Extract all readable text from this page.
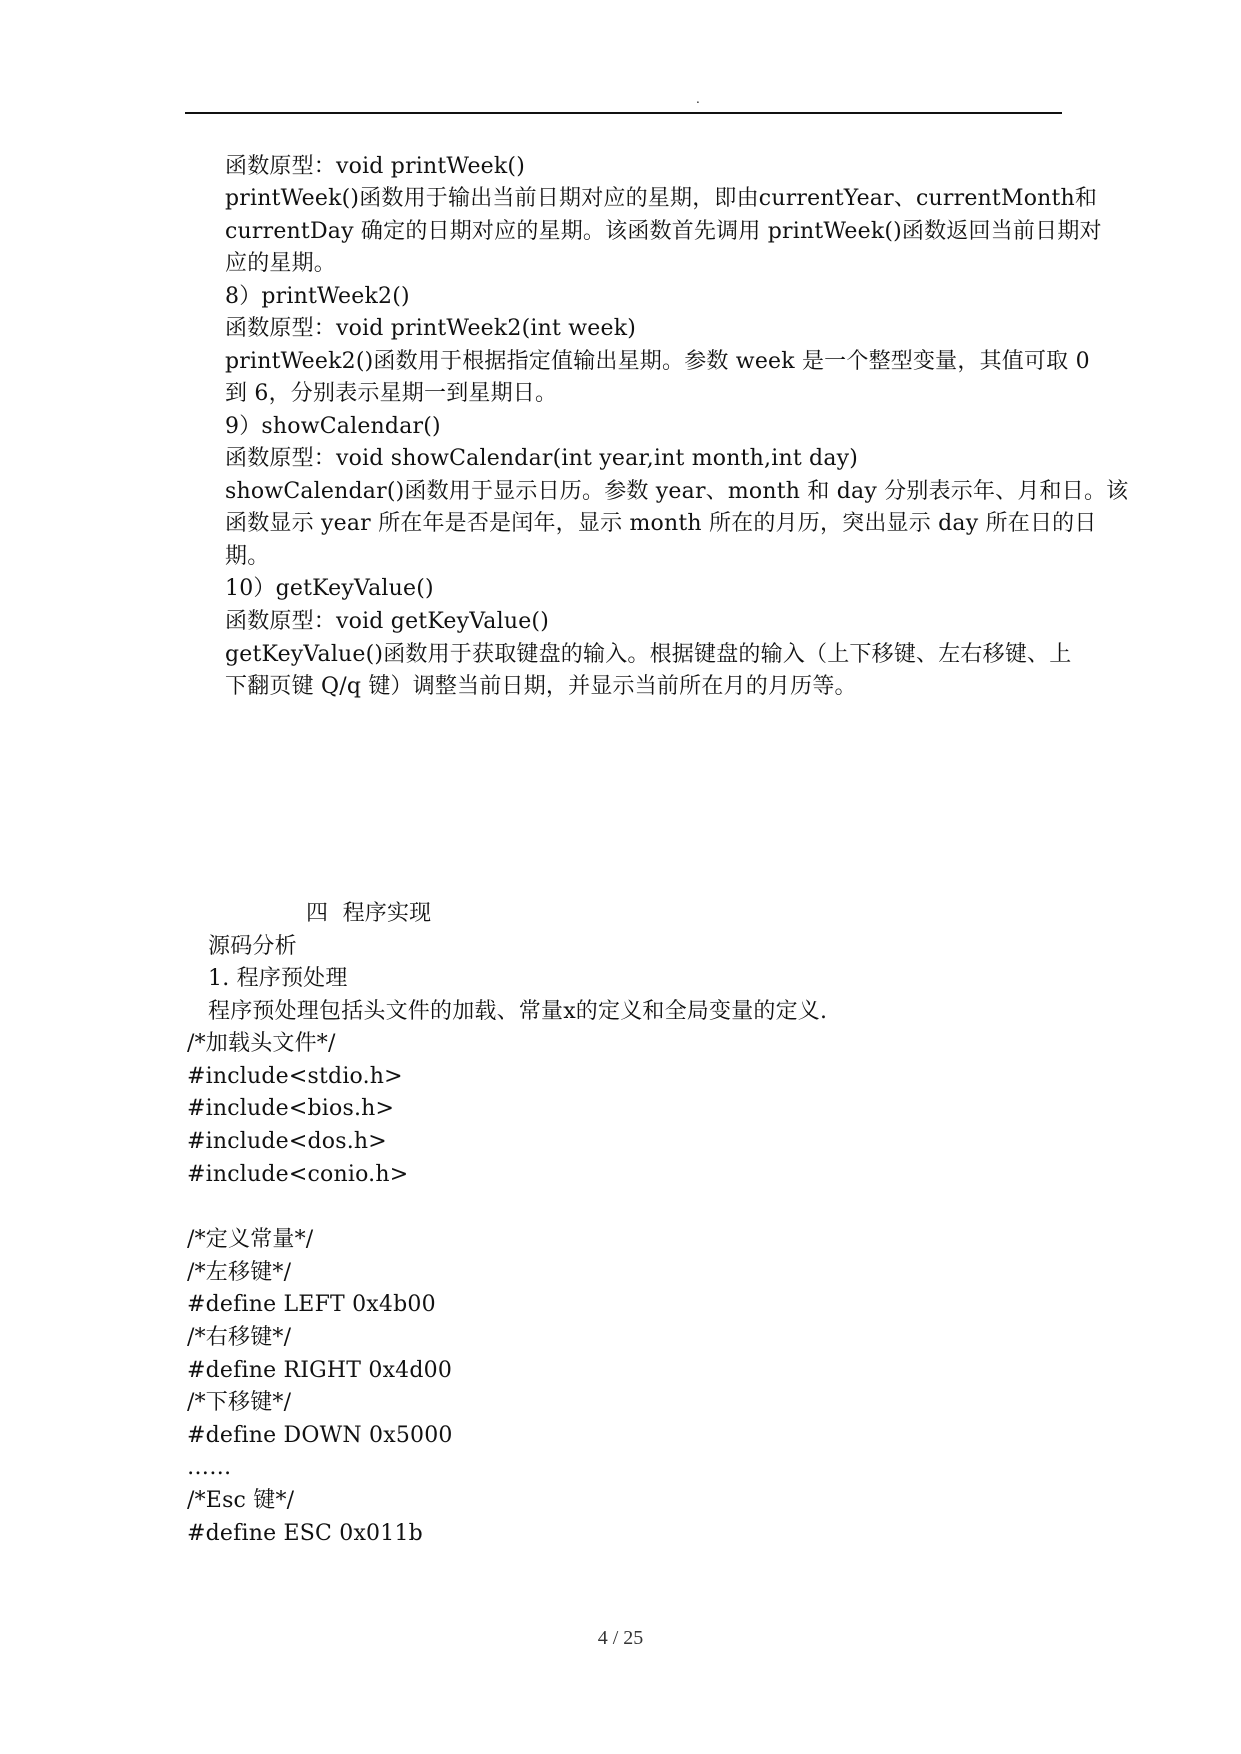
.
函数原型：void printWeek()
printWeek()函数用于输出当前日期对应的星期，即由currentYear、currentMonth和
currentDay 确定的日期对应的星期。该函数首先调用 printWeek()函数返回当前日期对
应的星期。
8）printWeek2()
函数原型：void printWeek2(int week)
printWeek2()函数用于根据指定值输出星期。参数 week 是一个整型变量，其值可取 0
到 6，分别表示星期一到星期日。
9）showCalendar()
函数原型：void showCalendar(int year,int month,int day)
showCalendar()函数用于显示日历。参数 year、month 和 day 分别表示年、月和日。该
函数显示 year 所在年是否是闰年，显示 month 所在的月历，突出显示 day 所在日的日
期。
10）getKeyValue()
函数原型：void getKeyValue()
getKeyValue()函数用于获取键盘的输入。根据键盘的输入（上下移键、左右移键、上
下翻页键 Q/q 键）调整当前日期，并显示当前所在月的月历等。
四  程序实现
源码分析
1. 程序预处理
程序预处理包括头文件的加载、常量x的定义和全局变量的定义.
/*加载头文件*/
#include<stdio.h>
#include<bios.h>
#include<dos.h>
#include<conio.h>
/*定义常量*/
/*左移键*/
#define LEFT 0x4b00
/*右移键*/
#define RIGHT 0x4d00
/*下移键*/
#define DOWN 0x5000
……
/*Esc 键*/
#define ESC 0x011b
4 / 25
